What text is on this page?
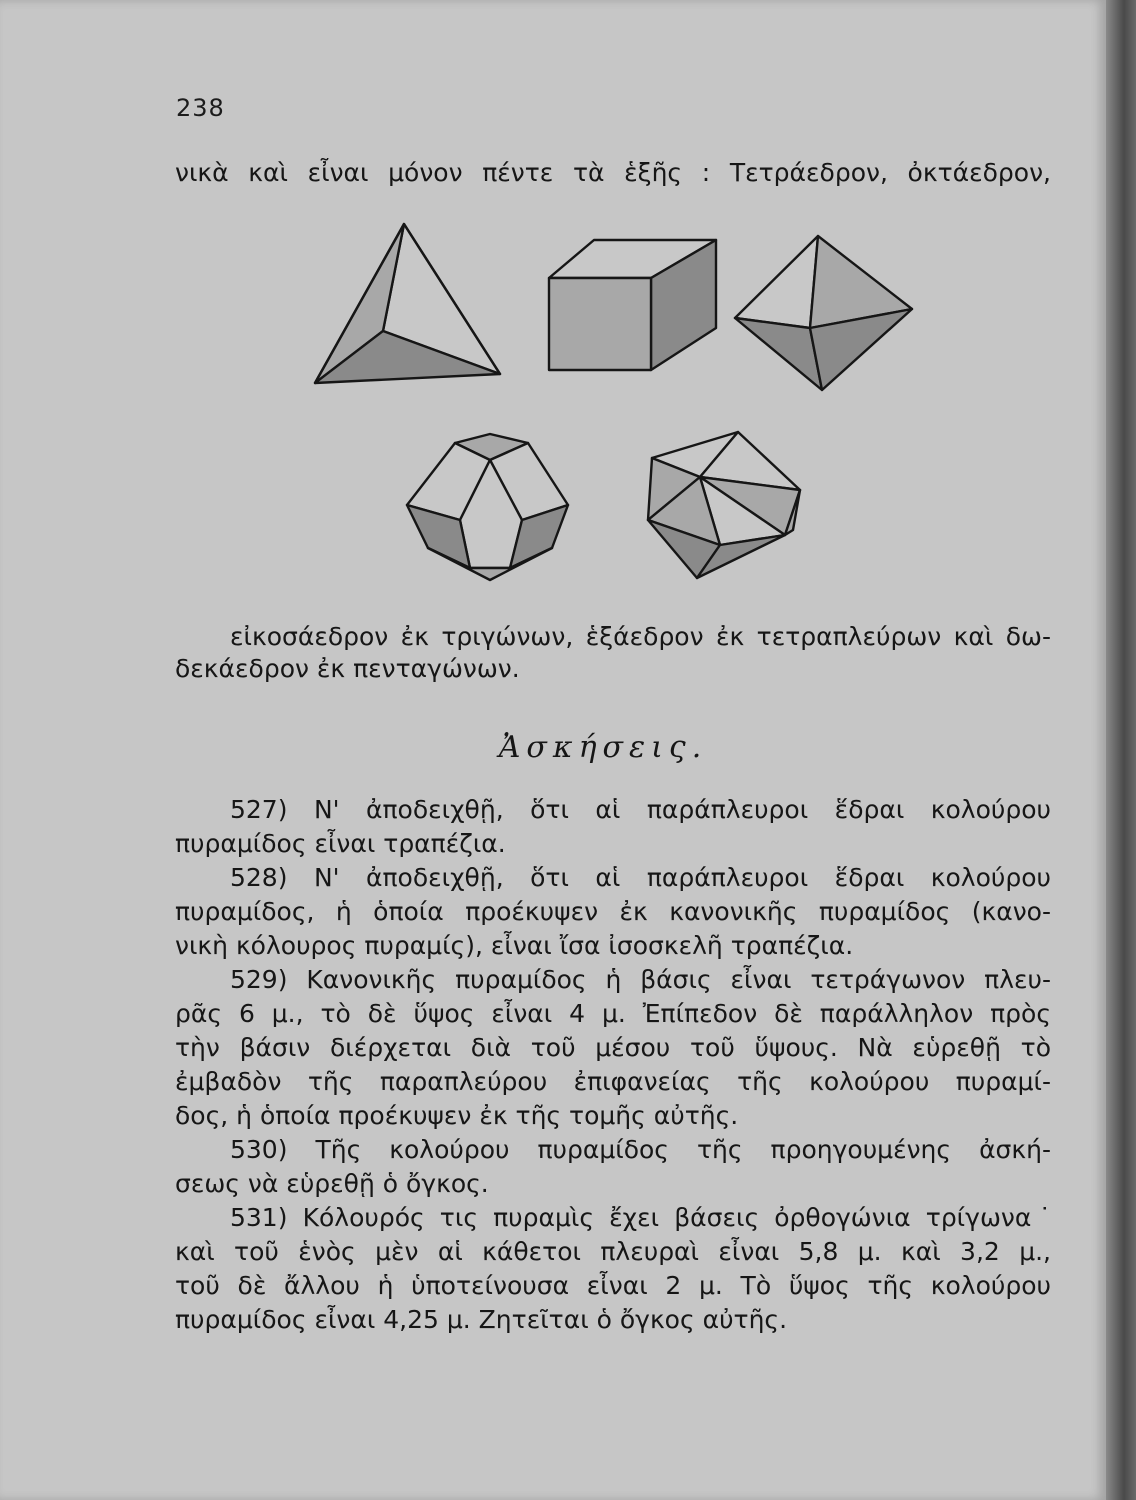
238
νικὰ καὶ εἶναι μόνον πέντε τὰ ἑξῆς : Τετράεδρον, ὀκτάεδρον,
εἰκοσάεδρον ἐκ τριγώνων, ἑξάεδρον ἐκ τετραπλεύρων καὶ δω-
δεκάεδρον ἐκ πενταγώνων.
Ἀσκήσεις.
527) Ν' ἀποδειχθῇ, ὅτι αἱ παράπλευροι ἕδραι κολούρου
πυραμίδος εἶναι τραπέζια.
528) Ν' ἀποδειχθῇ, ὅτι αἱ παράπλευροι ἕδραι κολούρου
πυραμίδος, ἡ ὁποία προέκυψεν ἐκ κανονικῆς πυραμίδος (κανο-
νικὴ κόλουρος πυραμίς), εἶναι ἴσα ἰσοσκελῆ τραπέζια.
529) Κανονικῆς πυραμίδος ἡ βάσις εἶναι τετράγωνον πλευ-
ρᾶς 6 μ., τὸ δὲ ὕψος εἶναι 4 μ. Ἐπίπεδον δὲ παράλληλον πρὸς
τὴν βάσιν διέρχεται διὰ τοῦ μέσου τοῦ ὕψους. Νὰ εὑρεθῇ τὸ
ἐμβαδὸν τῆς παραπλεύρου ἐπιφανείας τῆς κολούρου πυραμί-
δος, ἡ ὁποία προέκυψεν ἐκ τῆς τομῆς αὐτῆς.
530) Τῆς κολούρου πυραμίδος τῆς προηγουμένης ἀσκή-
σεως νὰ εὑρεθῇ ὁ ὄγκος.
531) Κόλουρός τις πυραμὶς ἔχει βάσεις ὀρθογώνια τρίγωνα˙
καὶ τοῦ ἑνὸς μὲν αἱ κάθετοι πλευραὶ εἶναι 5,8 μ. καὶ 3,2 μ.,
τοῦ δὲ ἄλλου ἡ ὑποτείνουσα εἶναι 2 μ. Τὸ ὕψος τῆς κολούρου
πυραμίδος εἶναι 4,25 μ. Ζητεῖται ὁ ὄγκος αὐτῆς.
